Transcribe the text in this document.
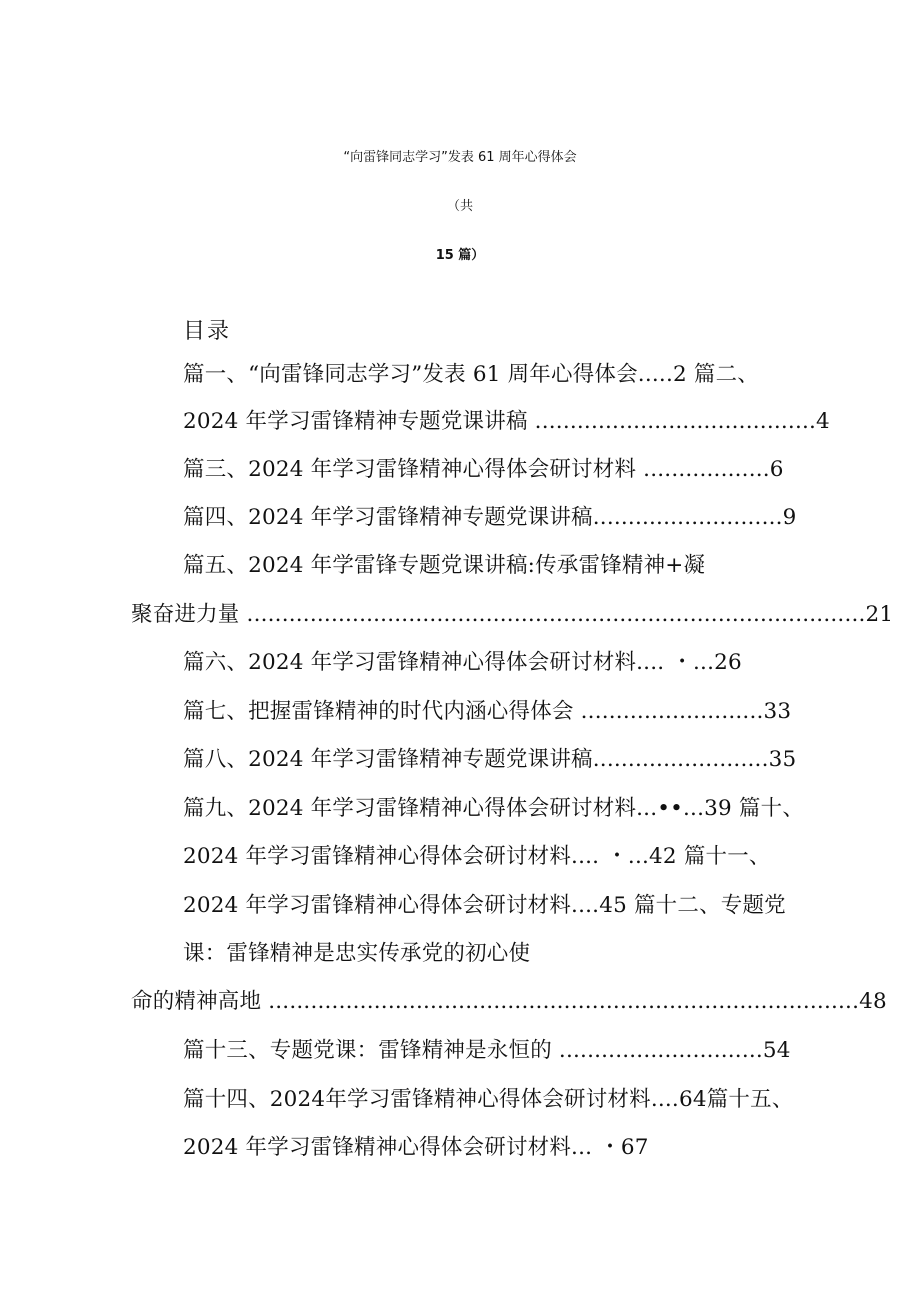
“向雷锋同志学习”发表 61 周年心得体会
（共
15 篇）
目录
篇一、“向雷锋同志学习”发表 61 周年心得体会.....2 篇二、
2024 年学习雷锋精神专题党课讲稿 ........................................4
篇三、2024 年学习雷锋精神心得体会研讨材料 ..................6
篇四、2024 年学习雷锋精神专题党课讲稿...........................9
篇五、2024 年学雷锋专题党课讲稿:传承雷锋精神+凝
聚奋进力量 ........................................................................................21
篇六、2024 年学习雷锋精神心得体会研讨材料.... ・...26
篇七、把握雷锋精神的时代内涵心得体会 ..........................33
篇八、2024 年学习雷锋精神专题党课讲稿.........................35
篇九、2024 年学习雷锋精神心得体会研讨材料...••...39 篇十、
2024 年学习雷锋精神心得体会研讨材料.... ・...42 篇十一、
2024 年学习雷锋精神心得体会研讨材料....45 篇十二、专题党
课：雷锋精神是忠实传承党的初心使
命的精神高地 ....................................................................................48
篇十三、专题党课：雷锋精神是永恒的 .............................54
篇十四、2024年学习雷锋精神心得体会研讨材料....64篇十五、
2024 年学习雷锋精神心得体会研讨材料... ・67
